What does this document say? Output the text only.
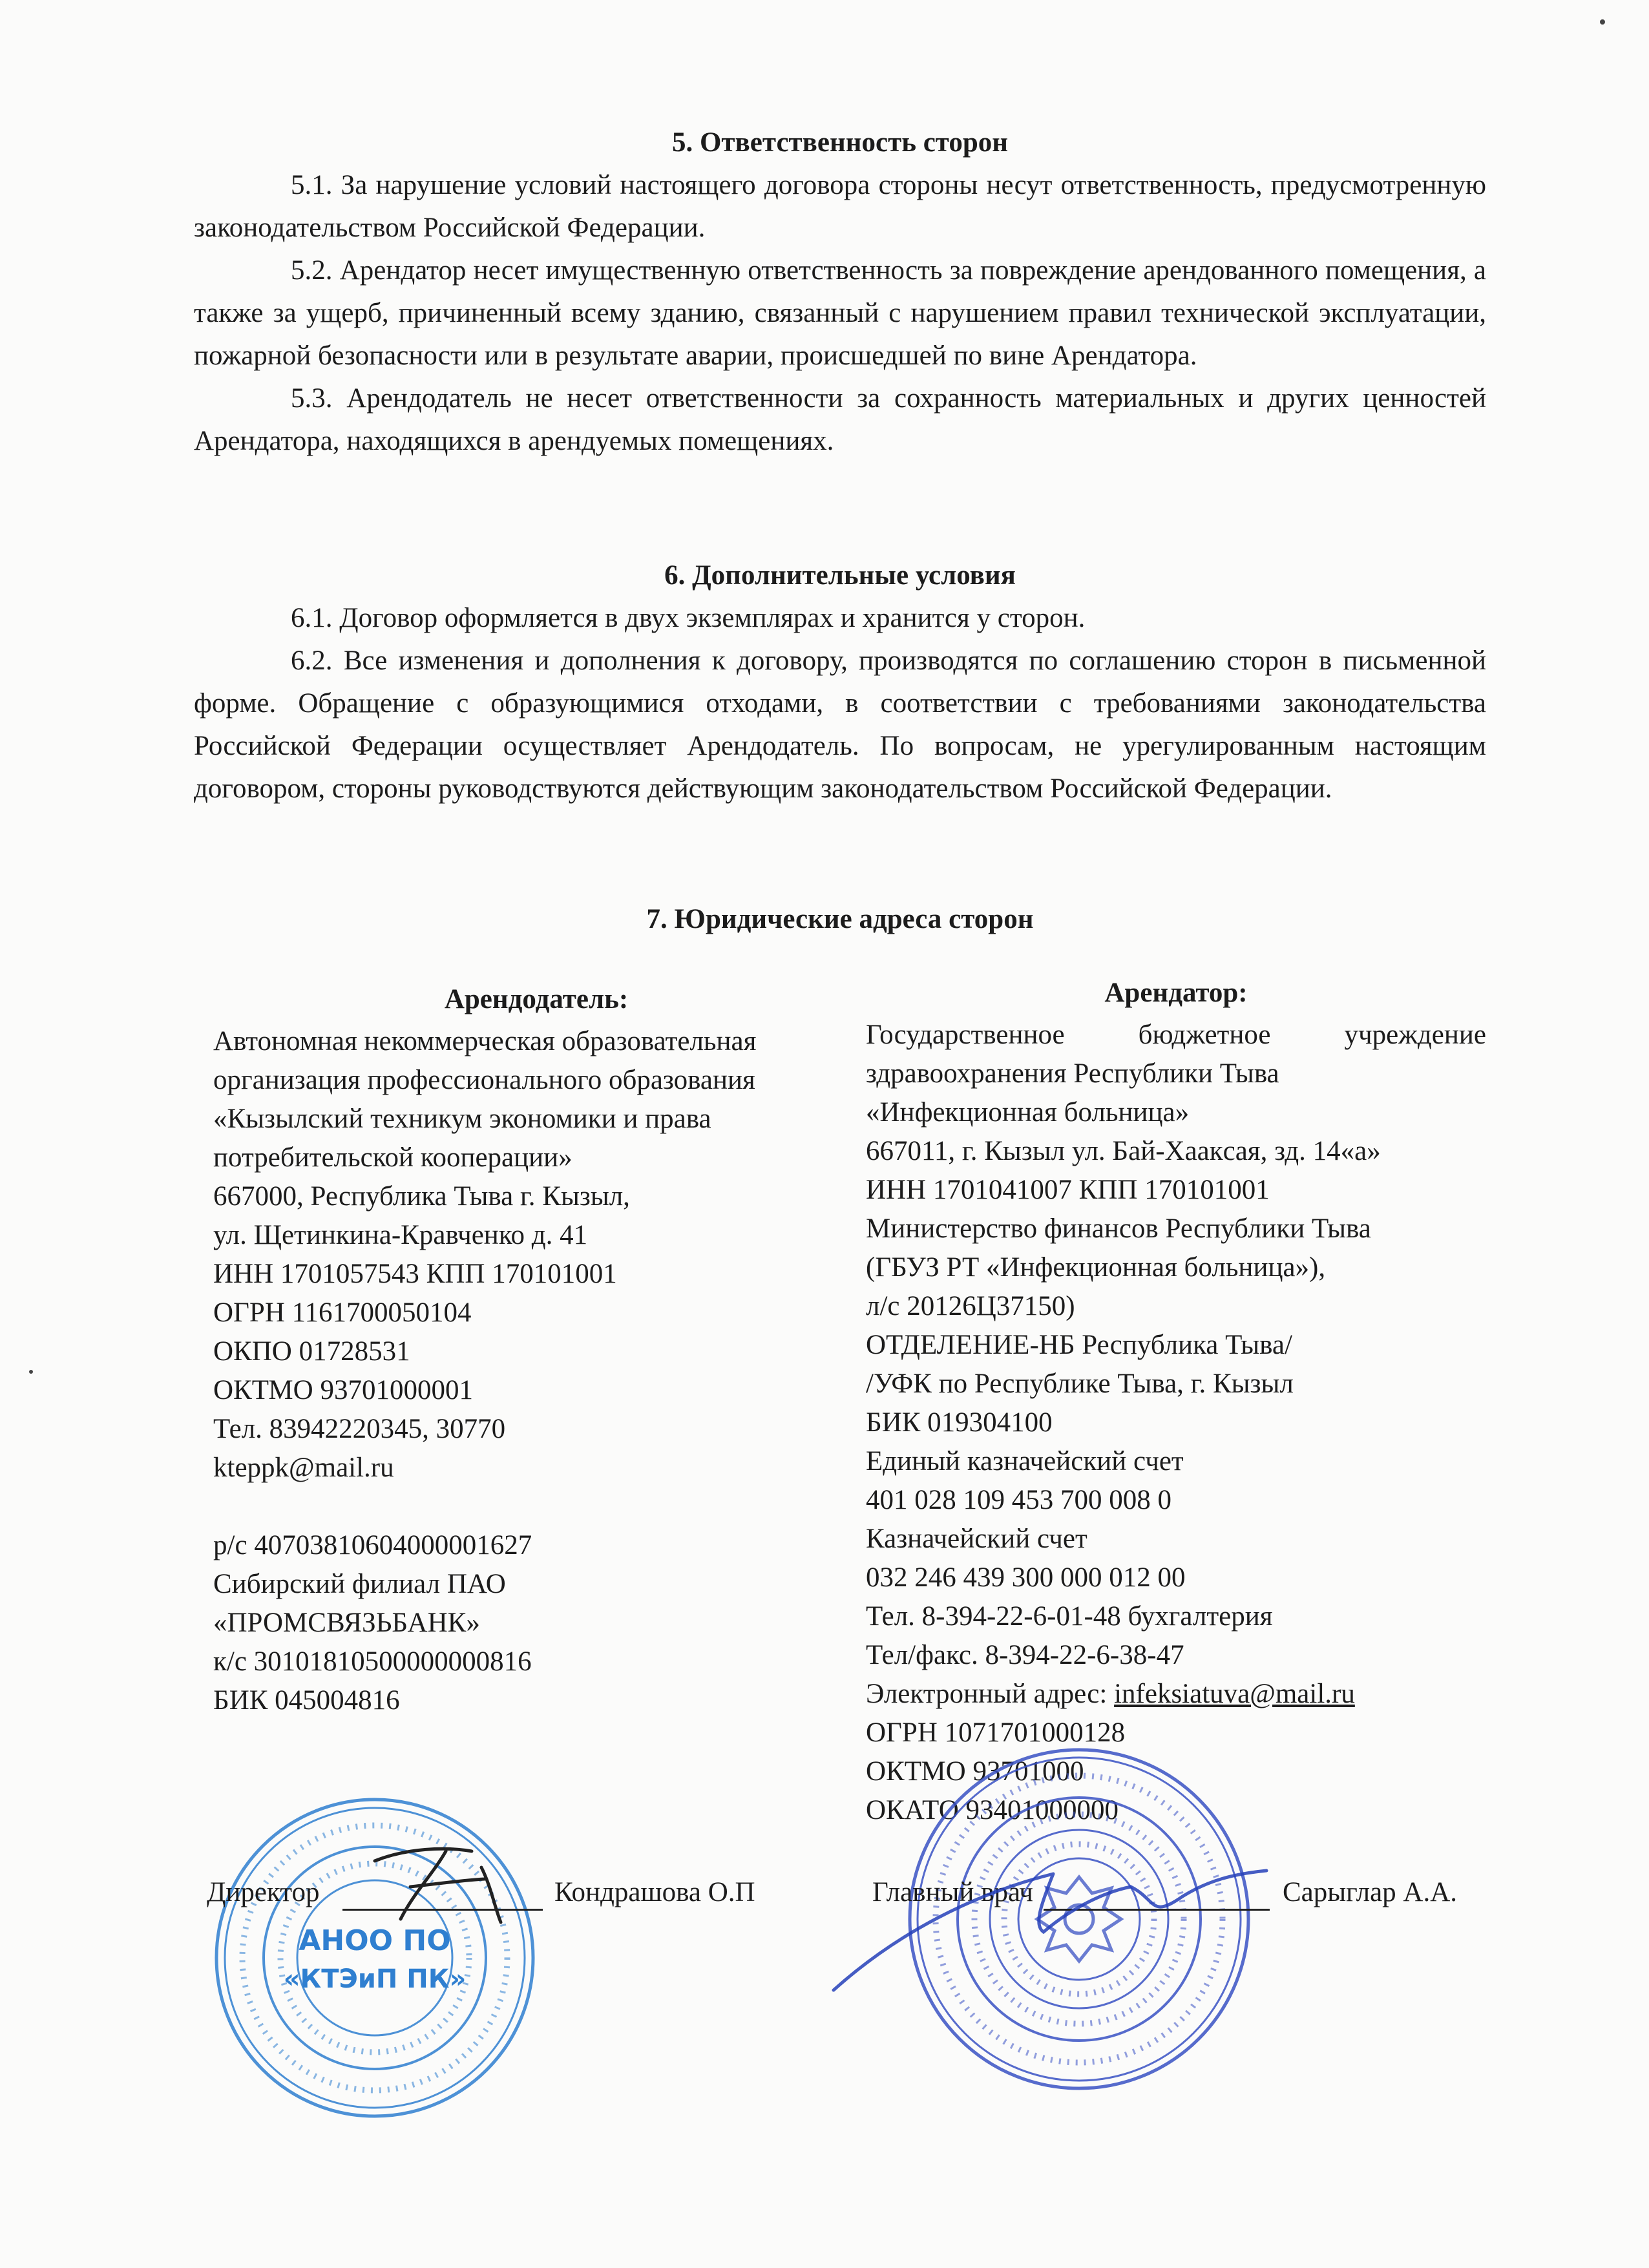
5. Ответственность сторон

5.1. За нарушение условий настоящего договора стороны несут ответственность, предусмотренную законодательством Российской Федерации.

5.2. Арендатор несет имущественную ответственность за повреждение арендованного помещения, а также за ущерб, причиненный всему зданию, связанный с нарушением правил технической эксплуатации, пожарной безопасности или в результате аварии, происшедшей по вине Арендатора.

5.3. Арендодатель не несет ответственности за сохранность материальных и других ценностей Арендатора, находящихся в арендуемых помещениях.

6. Дополнительные условия

6.1. Договор оформляется в двух экземплярах и хранится у сторон.

6.2. Все изменения и дополнения к договору, производятся по соглашению сторон в письменной форме. Обращение с образующимися отходами, в соответствии с требованиями законодательства Российской Федерации осуществляет Арендодатель. По вопросам, не урегулированным настоящим договором, стороны руководствуются действующим законодательством Российской Федерации.

7. Юридические адреса сторон
Арендодатель:
Автономная некоммерческая образовательная
организация профессионального образования
«Кызылский техникум экономики и права
потребительской кооперации»
667000, Республика Тыва г. Кызыл,
ул. Щетинкина-Кравченко д. 41
ИНН 1701057543 КПП 170101001
ОГРН 1161700050104
ОКПО 01728531
ОКТМО 93701000001
Тел. 83942220345, 30770
kteppk@mail.ru

р/с 40703810604000001627
Сибирский филиал ПАО
«ПРОМСВЯЗЬБАНК»
к/с 30101810500000000816
БИК 045004816
Арендатор:
Государственное	бюджетное	учреждение
здравоохранения Республики Тыва
«Инфекционная больница»
667011, г. Кызыл ул. Бай-Хаакcая, зд. 14«а»
ИНН 1701041007 КПП 170101001
Министерство финансов Республики Тыва
(ГБУЗ РТ «Инфекционная больница»),
л/с 20126Ц37150)
ОТДЕЛЕНИЕ-НБ Республика Тыва/
/УФК по Республике Тыва, г. Кызыл
БИК 019304100
Единый казначейский счет
401 028 109 453 700 008 0
Казначейский счет
032 246 439 300 000 012 00
Тел. 8-394-22-6-01-48 бухгалтерия
Тел/факс. 8-394-22-6-38-47
Электронный адрес: infeksiatuva@mail.ru
ОГРН 1071701000128
ОКТМО 93701000
ОКАТО 93401000000
АНОО ПО
«КТЭиП ПК»
Директор	Кондрашова О.П	Главный врач	Сарыглар А.А.
